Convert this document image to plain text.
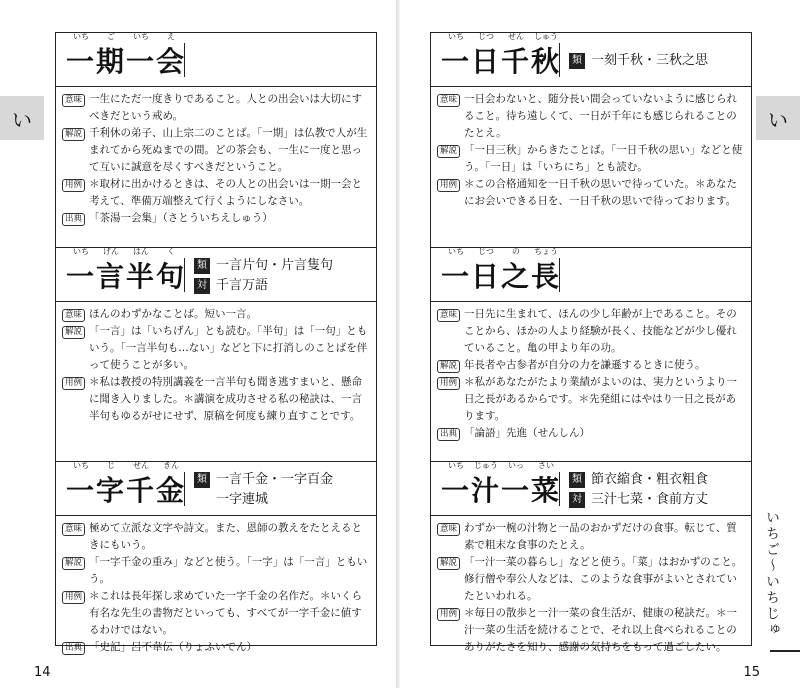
い
いち	ご	いち	え
一期一会
意味 一生にただ一度きりであること。人との出会いは大切にすべきだという戒め。
解説 千利休の弟子、山上宗二のことば。「一期」は仏教で人が生まれてから死ぬまでの間。どの茶会も、一生に一度と思って互いに誠意を尽くすべきだということ。
用例 ＊取材に出かけるときは、その人との出会いは一期一会と考えて、準備万端整えて行くようにしなさい。
出典 「茶湯一会集」（さとういちえしゅう）
いち	げん	はん	く
一言半句	類 一言片句・片言隻句
対 千言万語
意味 ほんのわずかなことば。短い一言。
解説 「一言」は「いちげん」とも読む。「半句」は「一句」ともいう。「一言半句も…ない」などと下に打消しのことばを伴って使うことが多い。
用例 ＊私は教授の特別講義を一言半句も聞き逃すまいと、懸命に聞き入りました。＊講演を成功させる私の秘訣は、一言半句もゆるがせにせず、原稿を何度も練り直すことです。
いち	じ	せん	きん
一字千金	類 一言千金・一字百金
一字連城
意味 極めて立派な文字や詩文。また、恩師の教えをたとえるときにもいう。
解説 「一字千金の重み」などと使う。「一字」は「一言」ともいう。
用例 ＊これは長年探し求めていた一字千金の名作だ。＊いくら有名な先生の書物だといっても、すべてが一字千金に値するわけではない。
出典 「史記」呂不韋伝（りょふいでん）
14
い
いち	じつ	せん	しゅう
一日千秋	類 一刻千秋・三秋之思
意味 一日会わないと、随分長い間会っていないように感じられること。待ち遠しくて、一日が千年にも感じられることのたとえ。
解説 「一日三秋」からきたことば。「一日千秋の思い」などと使う。「一日」は「いちにち」とも読む。
用例 ＊この合格通知を一日千秋の思いで待っていた。＊あなたにお会いできる日を、一日千秋の思いで待っております。
いち	じつ	の	ちょう
一日之長
意味 一日先に生まれて、ほんの少し年齢が上であること。そのことから、ほかの人より経験が長く、技能などが少し優れていること。亀の甲より年の功。
解説 年長者や古参者が自分の力を謙遜するときに使う。
用例 ＊私があなたがたより業績がよいのは、実力というより一日之長があるからです。＊先発組にはやはり一日之長があります。
出典 「論語」先進（せんしん）
いち	じゅう	いっ	さい
一汁一菜	類 節衣縮食・粗衣粗食
対 三汁七菜・食前方丈
意味 わずか一椀の汁物と一品のおかずだけの食事。転じて、質素で粗末な食事のたとえ。
解説 「一汁一菜の暮らし」などと使う。「菜」はおかずのこと。修行僧や奉公人などは、このような食事がよいとされていたといわれる。
用例 ＊毎日の散歩と一汁一菜の食生活が、健康の秘訣だ。＊一汁一菜の生活を続けることで、それ以上食べられることのありがたさを知り、感謝の気持ちをもって過ごしたい。
いちご〜いちじゅ
15
